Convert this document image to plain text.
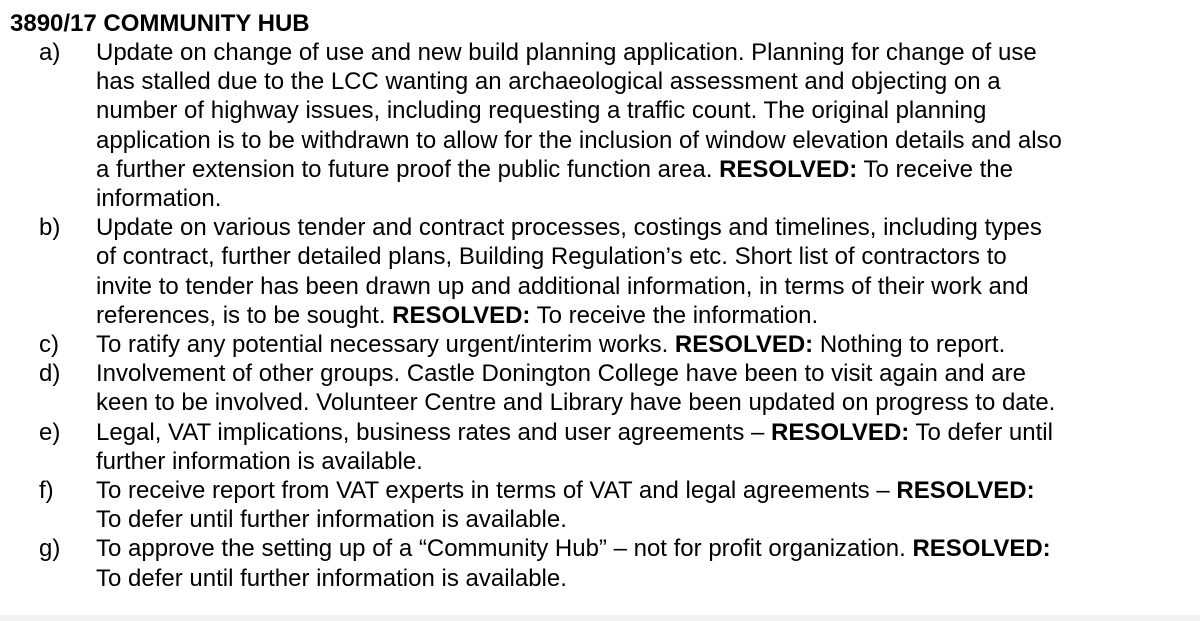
3890/17 COMMUNITY HUB
a)	Update on change of use and new build planning application. Planning for change of use
has stalled due to the LCC wanting an archaeological assessment and objecting on a
number of highway issues, including requesting a traffic count. The original planning
application is to be withdrawn to allow for the inclusion of window elevation details and also
a further extension to future proof the public function area. RESOLVED: To receive the
information.
b)	Update on various tender and contract processes, costings and timelines, including types
of contract, further detailed plans, Building Regulation’s etc. Short list of contractors to
invite to tender has been drawn up and additional information, in terms of their work and
references, is to be sought. RESOLVED: To receive the information.
c)	To ratify any potential necessary urgent/interim works. RESOLVED: Nothing to report.
d)	Involvement of other groups. Castle Donington College have been to visit again and are
keen to be involved. Volunteer Centre and Library have been updated on progress to date.
e)	Legal, VAT implications, business rates and user agreements – RESOLVED: To defer until
further information is available.
f)	To receive report from VAT experts in terms of VAT and legal agreements – RESOLVED:
To defer until further information is available.
g)	To approve the setting up of a “Community Hub” – not for profit organization. RESOLVED:
To defer until further information is available.
